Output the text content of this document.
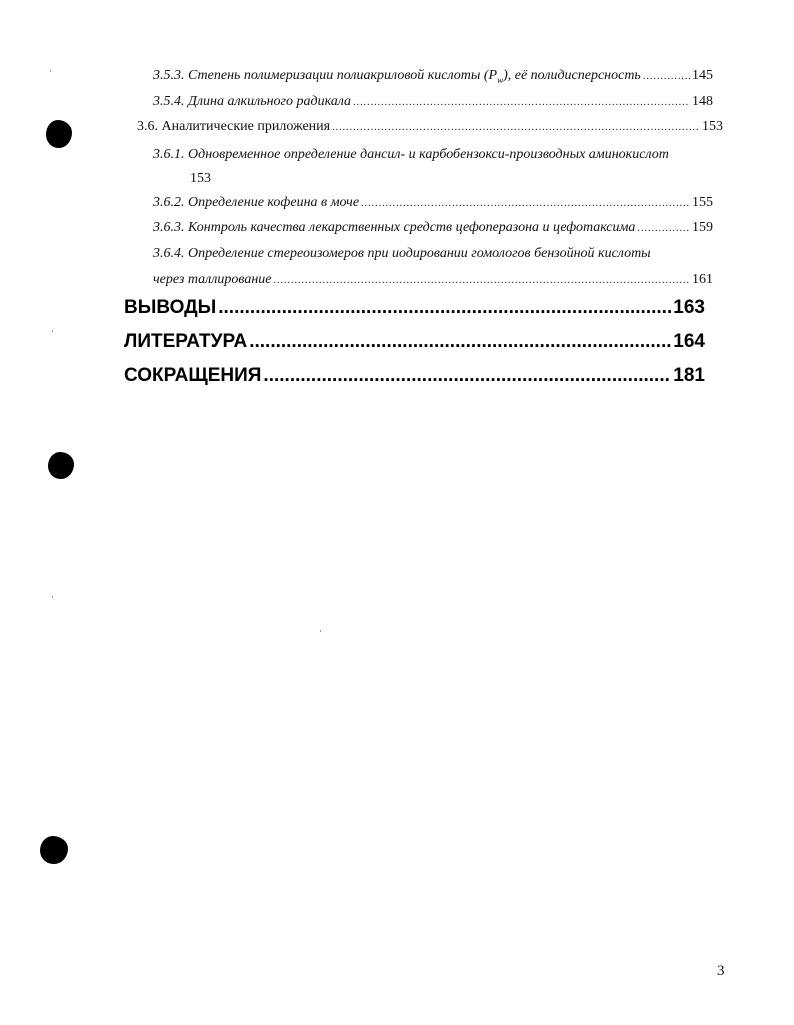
3.5.3. Степень полимеризации полиакриловой кислоты $(P_w)$, её полидисперсность .....	145
3.5.4. Длина алкильного радикала .....	148
3.6. Аналитические приложения .....	153
3.6.1. Одновременное определение дансил- и карбобензокси-производных аминокислот
153
3.6.2. Определение кофеина в моче .....	155
3.6.3. Контроль качества лекарственных средств цефоперазона и цефотаксима .....	159
3.6.4. Определение стереоизомеров при иодировании гомологов бензойной кислоты
через таллирование .....	161
ВЫВОДЫ .....	163
ЛИТЕРАТУРА .....	164
СОКРАЩЕНИЯ .....	181
3
